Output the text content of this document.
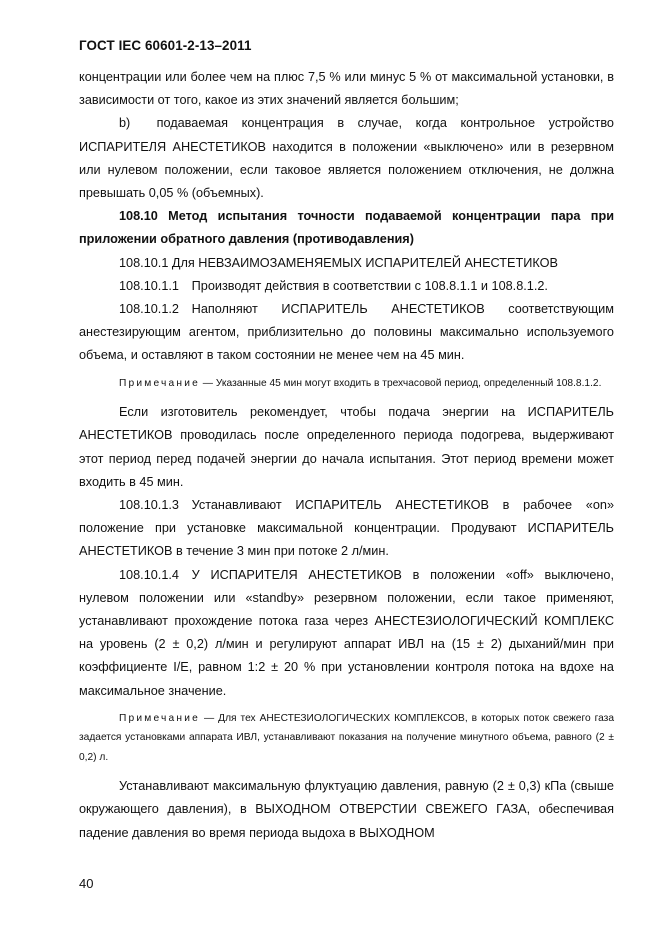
ГОСТ IEC 60601-2-13–2011

концентрации или более чем на плюс 7,5 % или минус 5 % от максимальной установки, в зависимости от того, какое из этих значений является большим;

b)  подаваемая концентрация в случае, когда контрольное устройство ИСПАРИТЕЛЯ АНЕСТЕТИКОВ находится в положении «выключено» или в резервном или нулевом положении, если таковое является положением отключения, не должна превышать 0,05 % (объемных).

108.10 Метод испытания точности подаваемой концентрации пара при приложении обратного давления (противодавления)

108.10.1 Для НЕВЗАИМОЗАМЕНЯЕМЫХ ИСПАРИТЕЛЕЙ АНЕСТЕТИКОВ

108.10.1.1 Производят действия в соответствии с 108.8.1.1 и 108.8.1.2.

108.10.1.2 Наполняют ИСПАРИТЕЛЬ АНЕСТЕТИКОВ соответствующим анестезирующим агентом, приблизительно до половины максимально используемого объема, и оставляют в таком состоянии не менее чем на 45 мин.

Примечание — Указанные 45 мин могут входить в трехчасовой период, определенный 108.8.1.2.

Если изготовитель рекомендует, чтобы подача энергии на ИСПАРИТЕЛЬ АНЕСТЕТИКОВ проводилась после определенного периода подогрева, выдерживают этот период перед подачей энергии до начала испытания. Этот период времени может входить в 45 мин.

108.10.1.3 Устанавливают ИСПАРИТЕЛЬ АНЕСТЕТИКОВ в рабочее «on» положение при установке максимальной концентрации. Продувают ИСПАРИТЕЛЬ АНЕСТЕТИКОВ в течение 3 мин при потоке 2 л/мин.

108.10.1.4 У ИСПАРИТЕЛЯ АНЕСТЕТИКОВ в положении «off» выключено, нулевом положении или «standby» резервном положении, если такое применяют, устанавливают прохождение потока газа через АНЕСТЕЗИОЛОГИЧЕСКИЙ КОМПЛЕКС на уровень (2 ± 0,2) л/мин и регулируют аппарат ИВЛ на (15 ± 2) дыханий/мин при коэффициенте I/E, равном 1:2 ± 20 % при установлении контроля потока на вдохе на максимальное значение.

Примечание — Для тех АНЕСТЕЗИОЛОГИЧЕСКИХ КОМПЛЕКСОВ, в которых поток свежего газа задается установками аппарата ИВЛ, устанавливают показания на получение минутного объема, равного (2 ± 0,2) л.

Устанавливают максимальную флуктуацию давления, равную (2 ± 0,3) кПа (свыше окружающего давления), в ВЫХОДНОМ ОТВЕРСТИИ СВЕЖЕГО ГАЗА, обеспечивая падение давления во время периода выдоха в ВЫХОДНОМ

40
